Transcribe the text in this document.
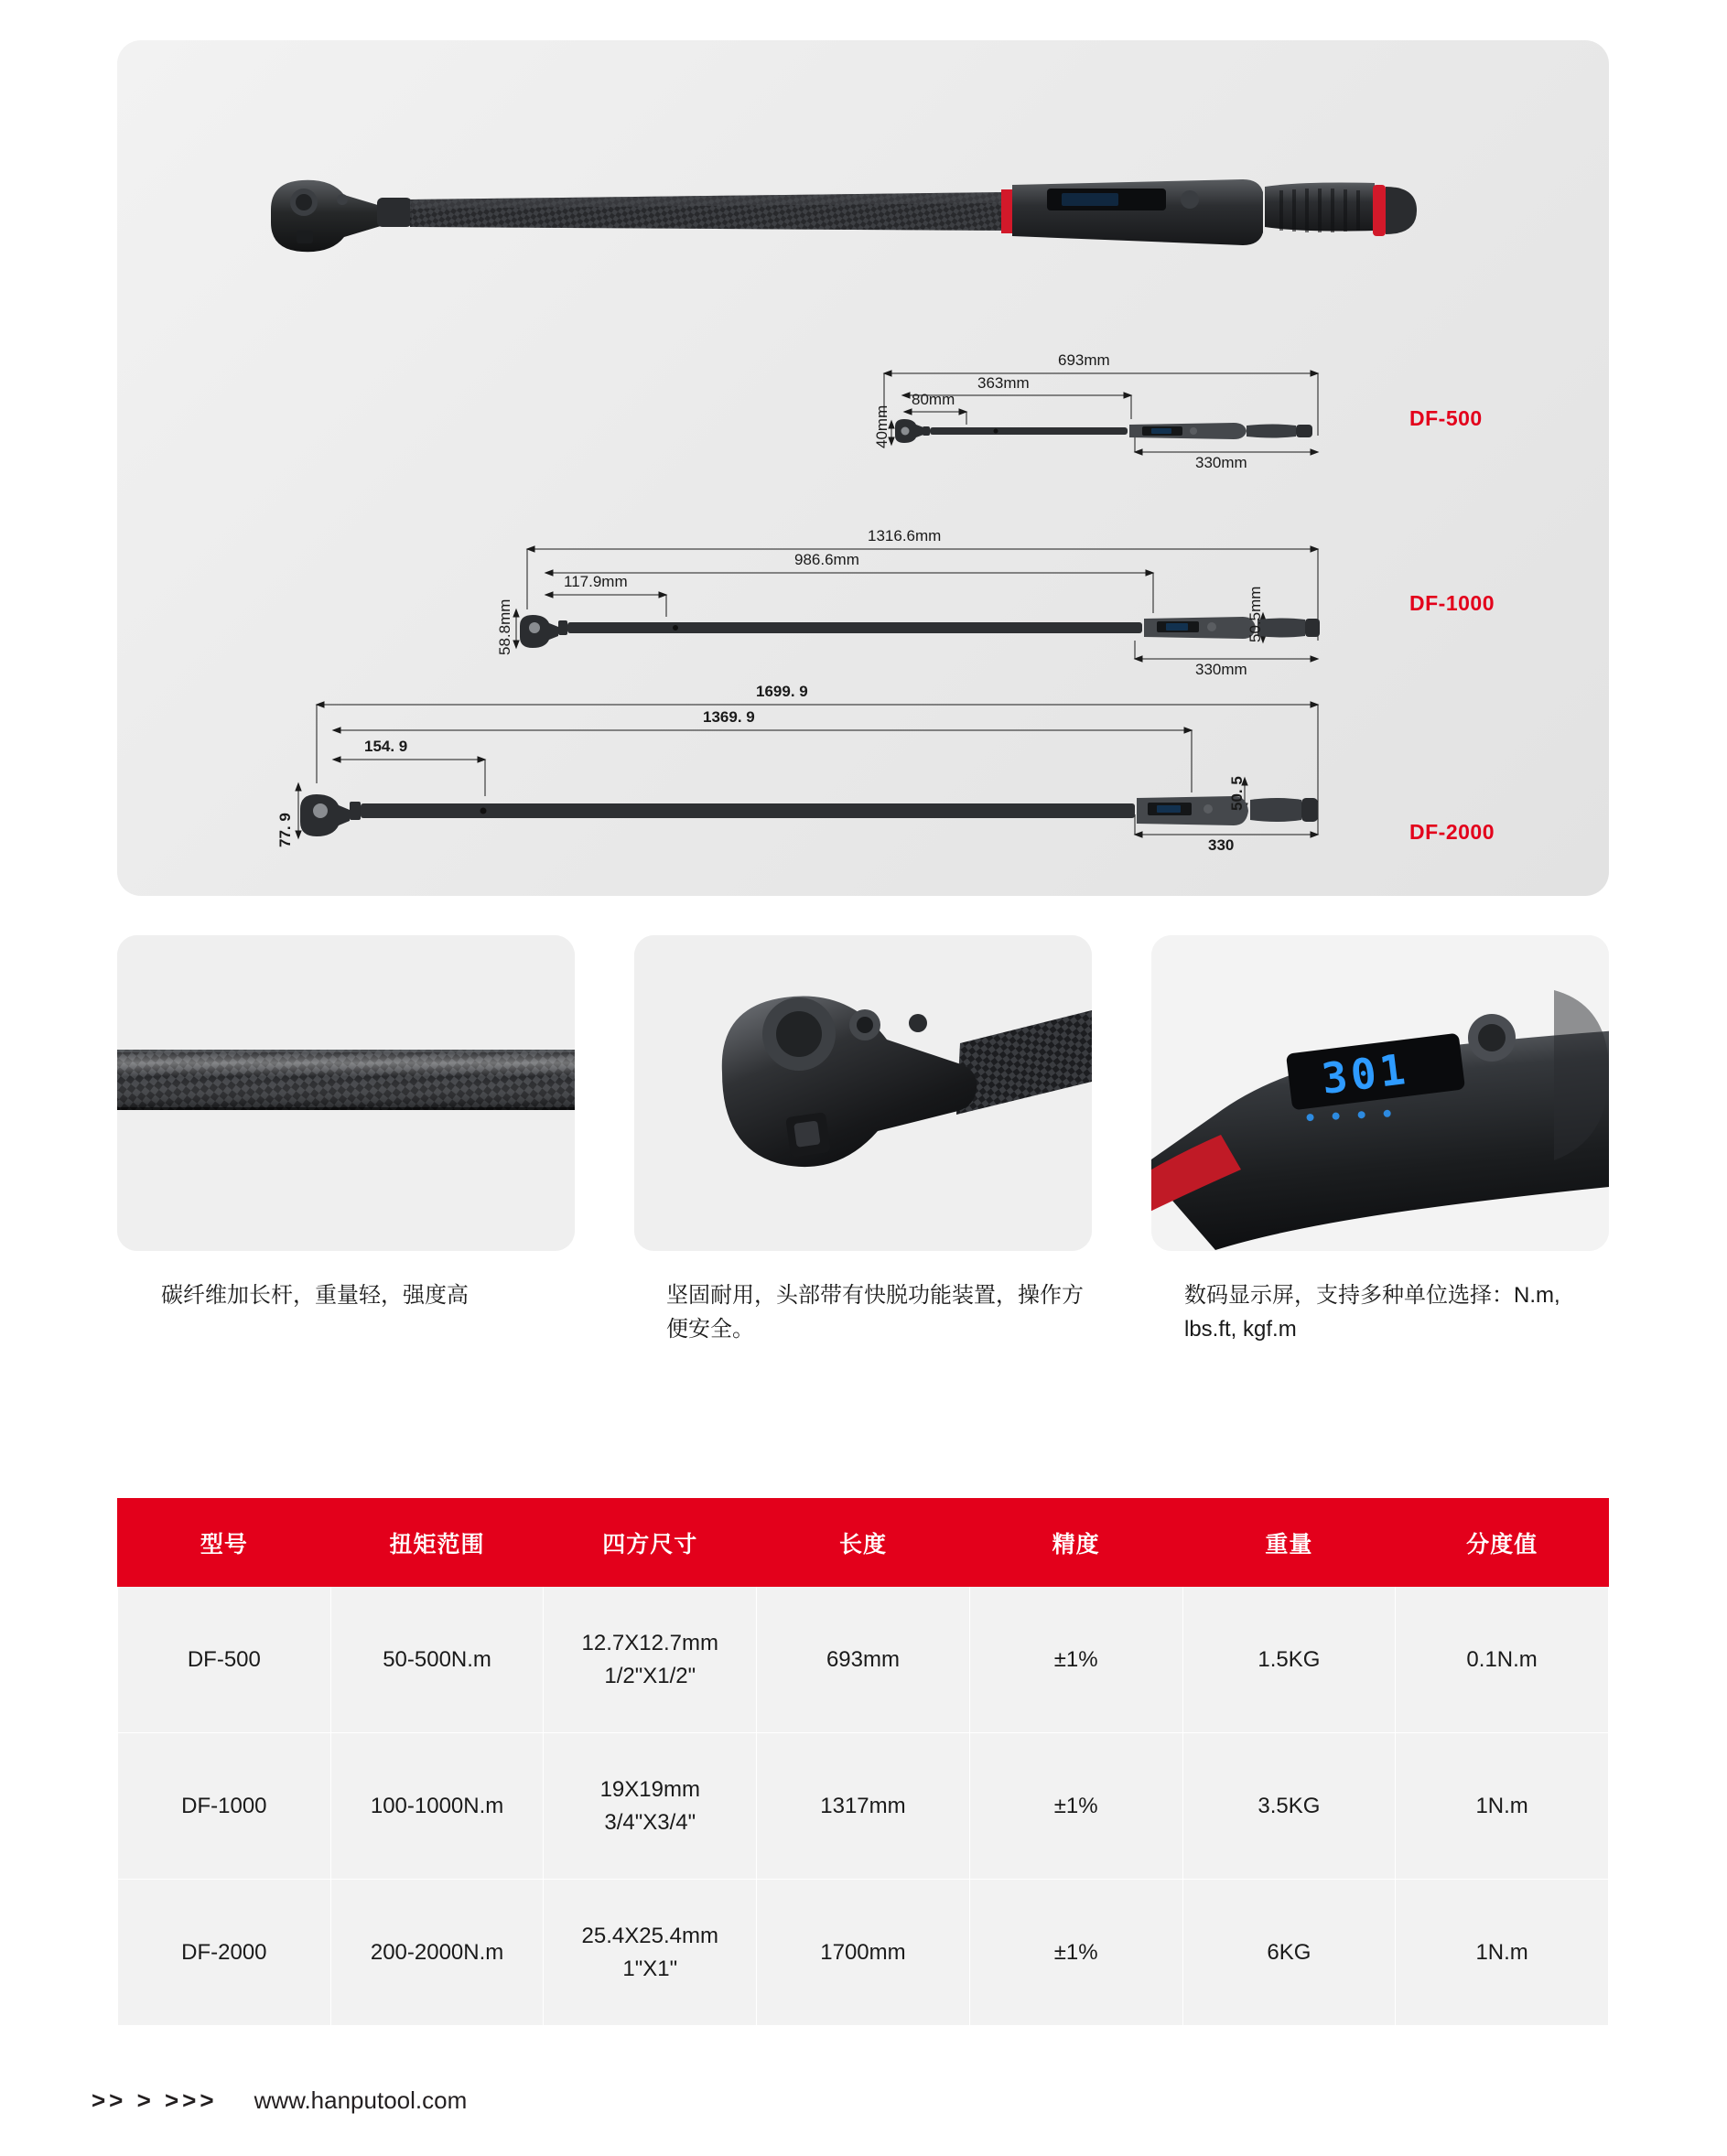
693mm
363mm
80mm
40mm
330mm
DF-500
1316.6mm
986.6mm
117.9mm
58.8mm	50.5mm
330mm
DF-1000
1699. 9
1369. 9
154. 9
77. 9
50. 5
330
DF-2000
301
碳纤维加长杆，重量轻，强度高	坚固耐用，头部带有快脱功能装置，操作方便安全。
数码显示屏，支持多种单位选择：N.m, lbs.ft, kgf.m
型号	扭矩范围	四方尺寸	长度	精度	重量	分度值
DF-500	50-500N.m	12.7X12.7mm
1/2"X1/2"	693mm	±1%	1.5KG	0.1N.m
DF-1000	100-1000N.m	19X19mm
3/4"X3/4"	1317mm	±1%	3.5KG	1N.m
DF-2000	200-2000N.m	25.4X25.4mm
1"X1"	1700mm	±1%	6KG	1N.m
>> > >>> www.hanputool.com
